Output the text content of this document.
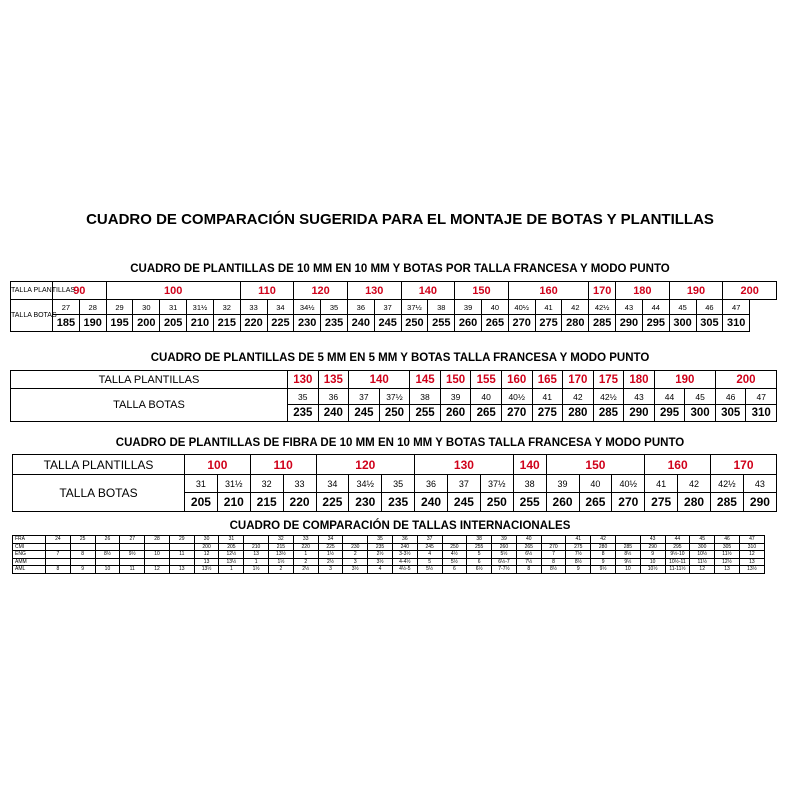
CUADRO DE COMPARACIÓN SUGERIDA PARA EL MONTAJE DE BOTAS Y PLANTILLAS
CUADRO DE PLANTILLAS DE 10 MM EN 10 MM Y BOTAS POR TALLA FRANCESA Y MODO PUNTO
TALLA PLANTILLAS	90		100					110		120		130		140		150		160			170	180		190		200
TALLA BOTAS	27	28	29	30	31	31½	32	33	34	34½	35	36	37	37½	38	39	40	40½	41	42	42½	43	44	45	46	47
	185	190	195	200	205	210	215	220	225	230	235	240	245	250	255	260	265	270	275	280	285	290	295	300	305	310
CUADRO DE PLANTILLAS DE 5 MM EN 5 MM Y BOTAS TALLA FRANCESA Y MODO PUNTO
TALLA PLANTILLAS	130	135	140		145	150	155	160	165	170	175	180	190		200	
TALLA BOTAS	35	36	37	37½	38	39	40	40½	41	42	42½	43	44	45	46	47
	235	240	245	250	255	260	265	270	275	280	285	290	295	300	305	310
CUADRO DE PLANTILLAS DE FIBRA DE 10 MM EN 10 MM Y BOTAS TALLA FRANCESA Y MODO PUNTO
TALLA PLANTILLAS	100		110		120			130			140	150			160		170	
TALLA BOTAS	31	31½	32	33	34	34½	35	36	37	37½	38	39	40	40½	41	42	42½	43
	205	210	215	220	225	230	235	240	245	250	255	260	265	270	275	280	285	290
CUADRO DE COMPARACIÓN DE TALLAS INTERNACIONALES
FRA	24	25	26	27	28	29	30	31		32	33	34		35	36	37		38	39	40		41	42		43	44	45	46	47
CMI							200	205	210	215	220	225	230	235	240	245	250	255	260	265	270	275	280	285	290	295	300	305	310
ENG	7	8	8½	9½	10	11	12	12½	13	13½	1	1½	2	2½	3-3½	4	4½	5	5½	6½	7	7½	8	8½	9	9½-10	10½	11½	12
AMM							13	13½	1	1½	2	2½	3	3½	4-4½	5	5½	6	6½-7	7½	8	8½	9	9½	10	10½-11	11½	12½	13
AML	8	9	10	11	12	13	13½	1	1½	2	2½	3	3½	4	4½-5	5½	6	6½	7-7½	8	8½	9	9½	10	10½	11-11½	12	13	13½
